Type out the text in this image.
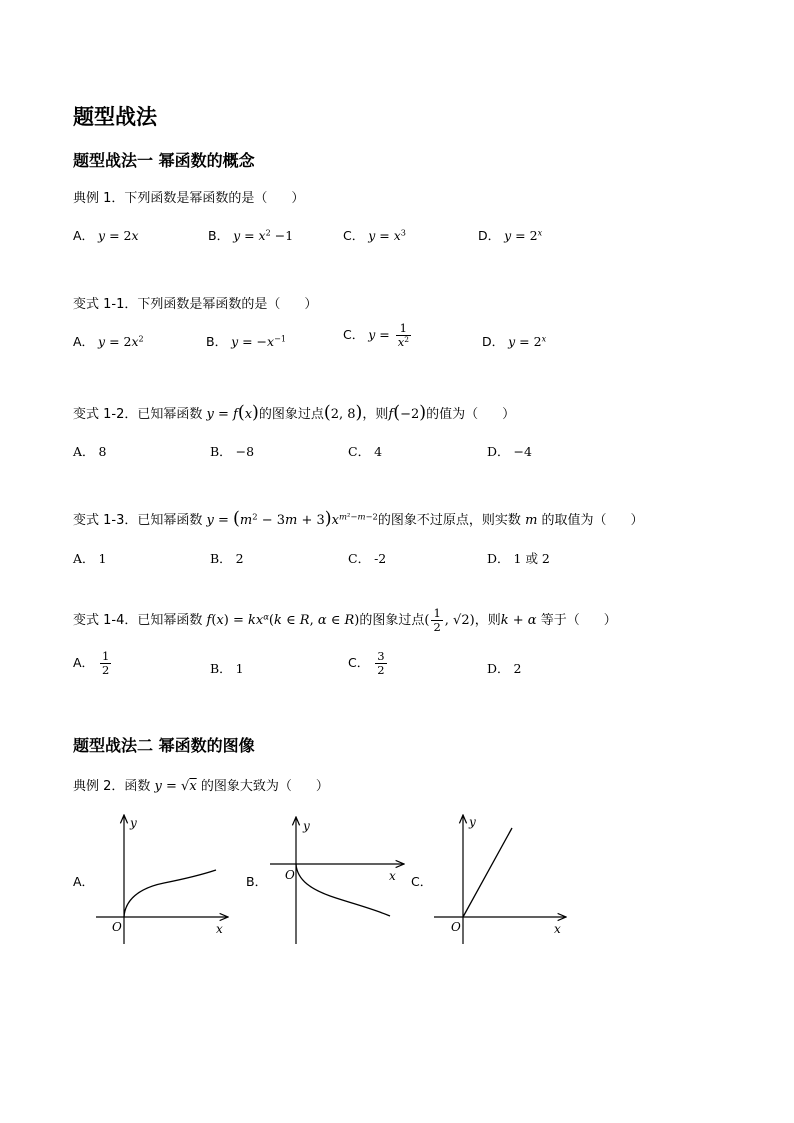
题型战法
题型战法一 幂函数的概念
典例 1．下列函数是幂函数的是（ ）
A． y = 2x	B． $y = x^2 -1$	C． $y = x^3$	D． $y = 2^x$
变式 1-1．下列函数是幂函数的是（ ）
A． $y = 2x^2$	B． $y = -x^{-1}$	C． $y = \frac{1}{x^2}$	D． $y = 2^x$
变式 1-2．已知幂函数 y = f(x)的图象过点(2, 8)，则f(−2)的值为（ ）
A． 8	B． −8	C． 4	D． −4
变式 1-3．已知幂函数 $y = (m^2 - 3m + 3)x^{m^2-m-2}$的图象不过原点，则实数 m 的取值为（ ）
A． 1	B． 2	C． -2	D． 1 或 2
变式 1-4．已知幂函数 $f(x) = kx^\alpha(k$ ∈ R, α ∈ R)的图象过点( $\frac{1}{2}$ , √2)，则k + α 等于（ ）
A． $\frac{1}{2}$	B． 1	C． $\frac{3}{2}$	D． 2
题型战法二 幂函数的图像
典例 2．函数 y = √x 的图象大致为（ ）
A．	B．	C．
y
x
O
y
x
O
y
x
O
